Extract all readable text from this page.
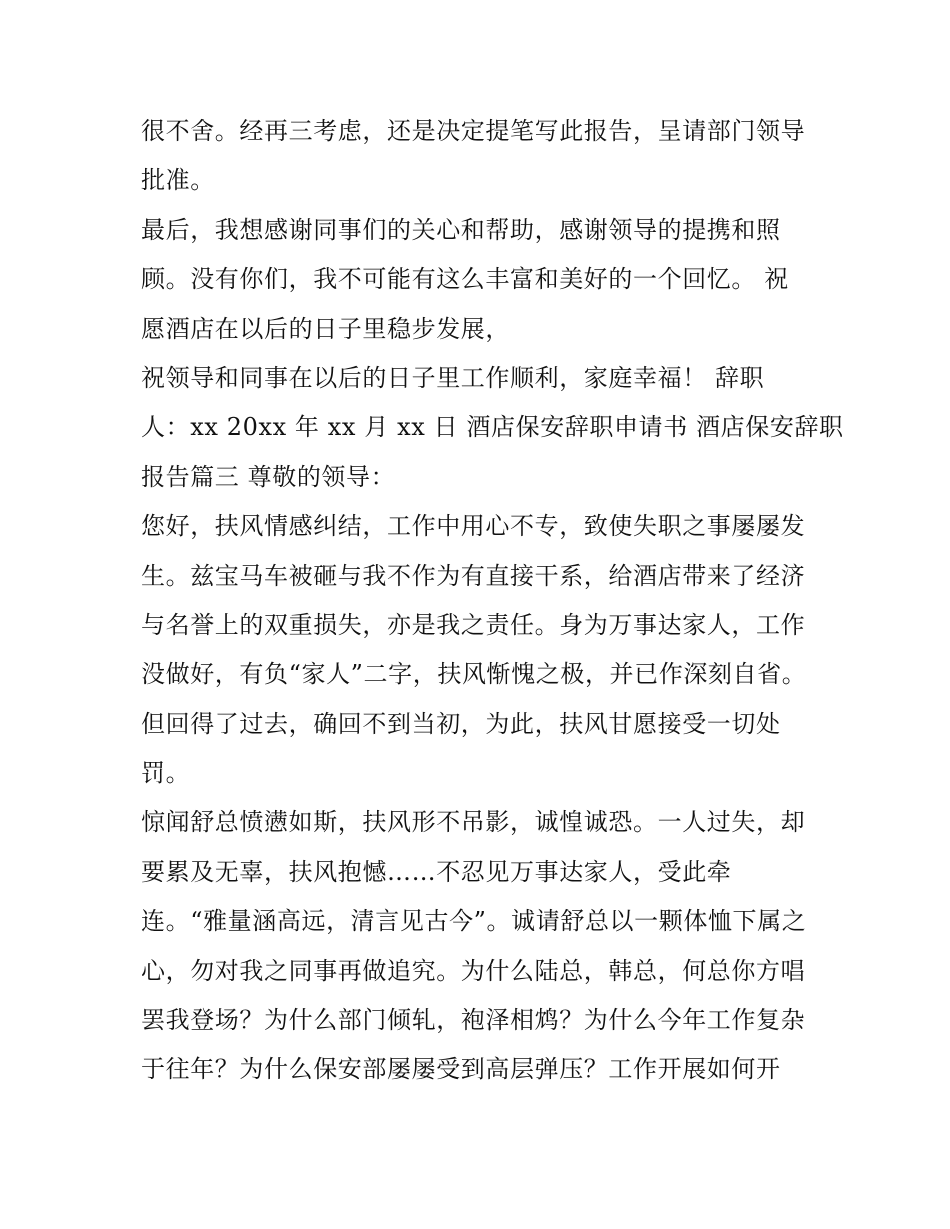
很不舍。经再三考虑，还是决定提笔写此报告，呈请部门领导
批准。
最后，我想感谢同事们的关心和帮助，感谢领导的提携和照
顾。没有你们，我不可能有这么丰富和美好的一个回忆。 祝
愿酒店在以后的日子里稳步发展，
祝领导和同事在以后的日子里工作顺利，家庭幸福！ 辞职
人：xx 20xx 年 xx 月 xx 日 酒店保安辞职申请书 酒店保安辞职
报告篇三 尊敬的领导：
您好，扶风情感纠结，工作中用心不专，致使失职之事屡屡发
生。兹宝马车被砸与我不作为有直接干系，给酒店带来了经济
与名誉上的双重损失，亦是我之责任。身为万事达家人，工作
没做好，有负“家人”二字，扶风惭愧之极，并已作深刻自省。
但回得了过去，确回不到当初，为此，扶风甘愿接受一切处
罚。
惊闻舒总愤懑如斯，扶风形不吊影，诚惶诚恐。一人过失，却
要累及无辜，扶风抱憾……不忍见万事达家人，受此牵
连。“雅量涵高远，清言见古今”。诚请舒总以一颗体恤下属之
心，勿对我之同事再做追究。为什么陆总，韩总，何总你方唱
罢我登场？为什么部门倾轧，袍泽相鸩？为什么今年工作复杂
于往年？为什么保安部屡屡受到高层弹压？工作开展如何开
